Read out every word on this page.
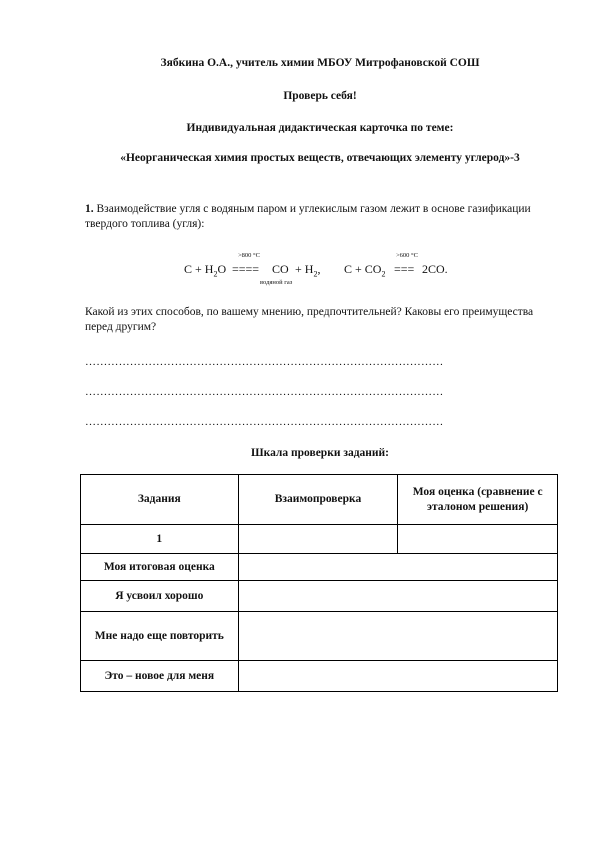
Зябкина О.А., учитель химии МБОУ Митрофановской СОШ
Проверь себя!
Индивидуальная дидактическая карточка по теме:
«Неорганическая химия простых веществ, отвечающих элементу углерод»-3
1. Взаимодействие угля с водяным паром и углекислым газом лежит в основе газификации твердого топлива (угля):
$C + H_2O$
>800 °C
==== CO
водяной газ
+ $H_2$, $C + CO_2$
>600 °C
=== 2CO.
Какой из этих способов, по вашему мнению, предпочтительней? Каковы его преимущества перед другим?
……………………………………………………………………………………
……………………………………………………………………………………
……………………………………………………………………………………
Шкала проверки заданий:
Задания	Взаимопроверка	Моя оценка (сравнение с эталоном решения)
1		
Моя итоговая оценка		
Я усвоил хорошо		
Мне надо еще повторить		
Это – новое для меня		
